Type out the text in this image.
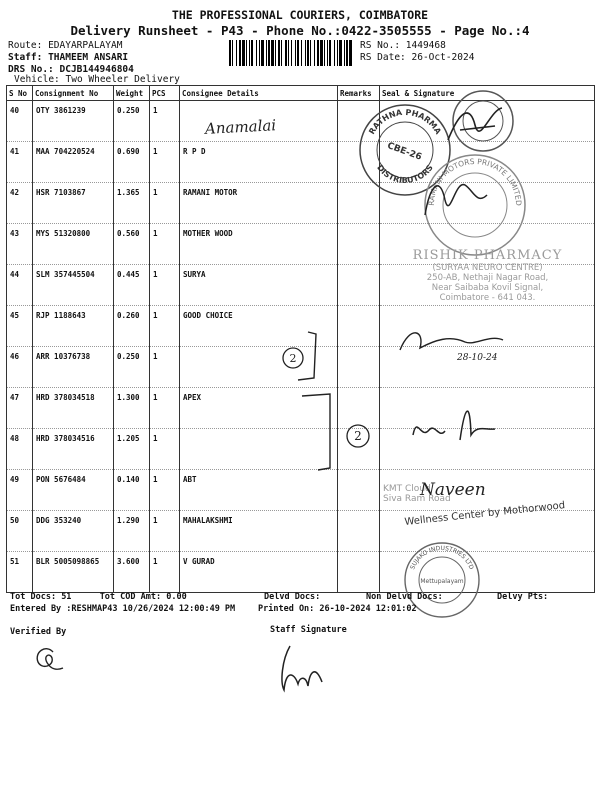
THE PROFESSIONAL COURIERS, COIMBATORE
Delivery Runsheet - P43 - Phone No.:0422-3505555 - Page No.:4
Route: EDAYARPALAYAM
Staff: THAMEEM ANSARI
DRS No.: DCJB144946804
Vehicle: Two Wheeler Delivery
RS No.: 1449468
RS Date: 26-Oct-2024
S No	Consignment No	Weight	PCS	Consignee Details	Remarks	Seal & Signature
40	OTY 3861239	0.250	1			
41	MAA 704220524	0.690	1	R P D		
42	HSR 7103867	1.365	1	RAMANI MOTOR		
43	MYS 51320800	0.560	1	MOTHER WOOD		
44	SLM 357445504	0.445	1	SURYA		
45	RJP 1188643	0.260	1	GOOD CHOICE		
46	ARR 10376738	0.250	1			
47	HRD 378034518	1.300	1	APEX		
48	HRD 378034516	1.205	1			
49	PON 5676484	0.140	1	ABT		
50	DDG 353240	1.290	1	MAHALAKSHMI		
51	BLR 5005098865	3.600	1	V GURAD		
RATHNA PHARMA
DISTRIBUTORS
CBE-26
RAMANI MOTORS PRIVATE LIMITED
RISHIK PHARMACY
(SURYAA NEURO CENTRE)
250-AB, Nethaji Nagar Road,
Near Saibaba Kovil Signal,
Coimbatore - 641 043.
KMT Cloud
Siva Ram Road
Wellness Center by Mothorwood
SUJAKO INDUSTRIES LTD
Mettupalayam
Anamalai
2
2
28-10-24
Naveen
Tot Docs: 51	Tot COD Amt: 0.00	Delvd Docs:	Non Delvd Docs:	Delvy Pts:
Entered By :RESHMAP43 10/26/2024 12:00:49 PM	Printed On: 26-10-2024 12:01:02
Verified By	Staff Signature
